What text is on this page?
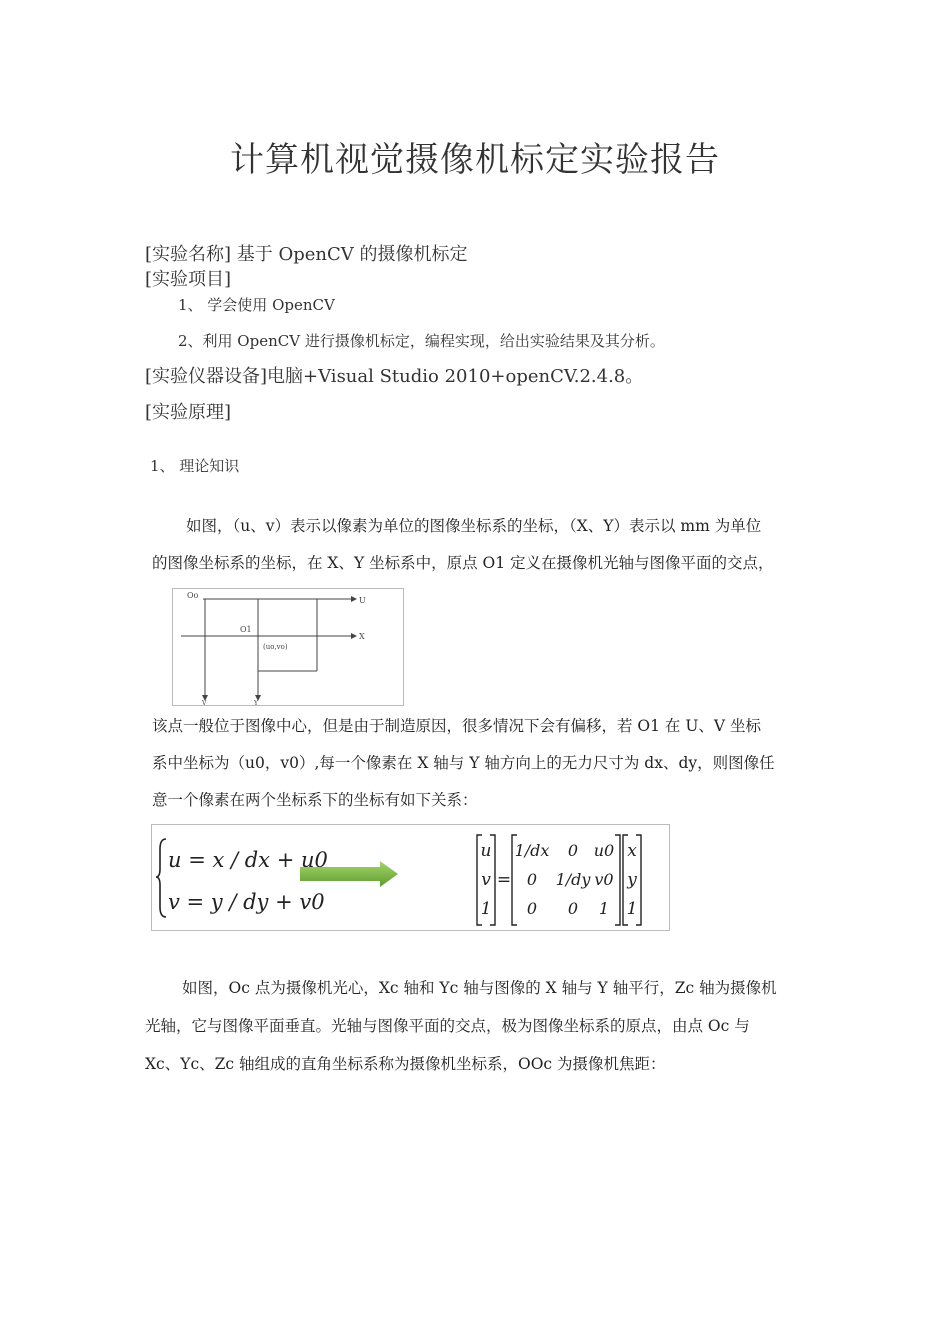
计算机视觉摄像机标定实验报告
[实验名称] 基于 OpenCV 的摄像机标定
[实验项目]
1、 学会使用 OpenCV
2、利用 OpenCV 进行摄像机标定，编程实现，给出实验结果及其分析。
[实验仪器设备]电脑+Visual Studio 2010+openCV.2.4.8。
[实验原理]
1、 理论知识
如图，（u、v）表示以像素为单位的图像坐标系的坐标，（X、Y）表示以 mm 为单位
的图像坐标系的坐标，在 X、Y 坐标系中，原点 O1 定义在摄像机光轴与图像平面的交点，
Oo
U
X
O1
(uo,vo)
V	Y
该点一般位于图像中心，但是由于制造原因，很多情况下会有偏移，若 O1 在 U、V 坐标
系中坐标为（u0，v0）,每一个像素在 X 轴与 Y 轴方向上的无力尺寸为 dx、dy，则图像任
意一个像素在两个坐标系下的坐标有如下关系：
u = x / dx + u0
v = y / dy + v0
u
v
1
=
1/dx 0 u0
0 1/dy v0
0 0 1
x
y
1
如图，Oc 点为摄像机光心，Xc 轴和 Yc 轴与图像的 X 轴与 Y 轴平行，Zc 轴为摄像机
光轴，它与图像平面垂直。光轴与图像平面的交点，极为图像坐标系的原点，由点 Oc 与
Xc、Yc、Zc 轴组成的直角坐标系称为摄像机坐标系，OOc 为摄像机焦距：
